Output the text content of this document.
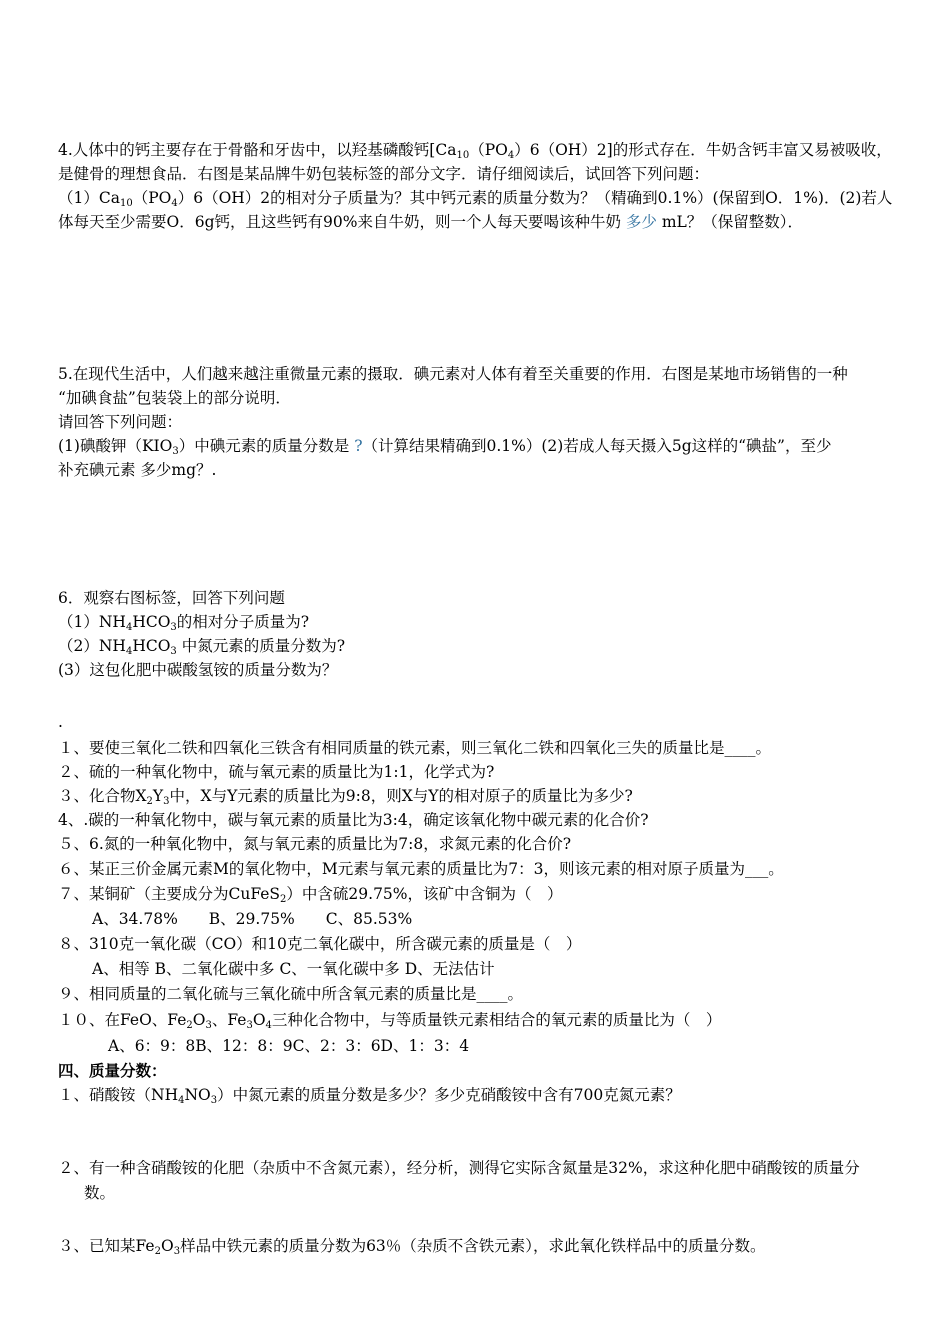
4.人体中的钙主要存在于骨骼和牙齿中，以羟基磷酸钙$[Ca_{10}(PO_4)6(OH)2]$的形式存在．牛奶含钙丰富又易被吸收，
是健骨的理想食品．右图是某品牌牛奶包装标签的部分文字．请仔细阅读后，试回答下列问题：
$(1)Ca_{10}(PO_4)6(OH)2$的相对分子质量为？其中钙元素的质量分数为？（精确到0.1%）(保留到O．1%)．(2)若人
体每天至少需要O．6g钙，且这些钙有90%来自牛奶，则一个人每天要喝该种牛奶 多少 mL？（保留整数）．
5.在现代生活中，人们越来越注重微量元素的摄取．碘元素对人体有着至关重要的作用．右图是某地市场销售的一种
“加碘食盐”包装袋上的部分说明．
请回答下列问题：
(1)碘酸钾$(KIO_3)$中碘元素的质量分数是 ?（计算结果精确到0.1%）(2)若成人每天摄入5g这样的“碘盐”，至少
补充碘元素 多少mg？.
6．观察右图标签，回答下列问题
$(1)NH_4HCO_3$的相对分子质量为?
$(2)NH_4HCO_3$ 中氮元素的质量分数为?
(3）这包化肥中碳酸氢铵的质量分数为？
.
１、要使三氧化二铁和四氧化三铁含有相同质量的铁元素，则三氧化二铁和四氧化三失的质量比是____。
２、硫的一种氧化物中，硫与氧元素的质量比为1:1，化学式为?
３、化合物$X_2Y_3$中，X与Y元素的质量比为9:8，则X与Y的相对原子的质量比为多少?
4、.碳的一种氧化物中，碳与氧元素的质量比为3:4，确定该氧化物中碳元素的化合价?
５、6.氮的一种氧化物中，氮与氧元素的质量比为7:8，求氮元素的化合价?
６、某正三价金属元素M的氧化物中，M元素与氧元素的质量比为7：3，则该元素的相对原子质量为___。
７、某铜矿（主要成分为CuFeS$_2$）中含硫29.75%，该矿中含铜为（　）
A、34.78%　　B、29.75%　　C、85.53%
８、310克一氧化碳（CO）和10克二氧化碳中，所含碳元素的质量是（　）
A、相等 B、二氧化碳中多 C、一氧化碳中多 D、无法估计
９、相同质量的二氧化硫与三氧化硫中所含氧元素的质量比是____。
１０、在FeO、$Fe_2O_3$、$Fe_3O_4$三种化合物中，与等质量铁元素相结合的氧元素的质量比为（　）
A、6：9：8B、12：8：9C、2：3：6D、1：3：4
四、质量分数：
１、硝酸铵$(NH_4NO_3)$中氮元素的质量分数是多少？多少克硝酸铵中含有700克氮元素？
２、有一种含硝酸铵的化肥（杂质中不含氮元素），经分析，测得它实际含氮量是32%，求这种化肥中硝酸铵的质量分
数。
３、已知某$Fe_2O_3$样品中铁元素的质量分数为63％（杂质不含铁元素），求此氧化铁样品中的质量分数。
